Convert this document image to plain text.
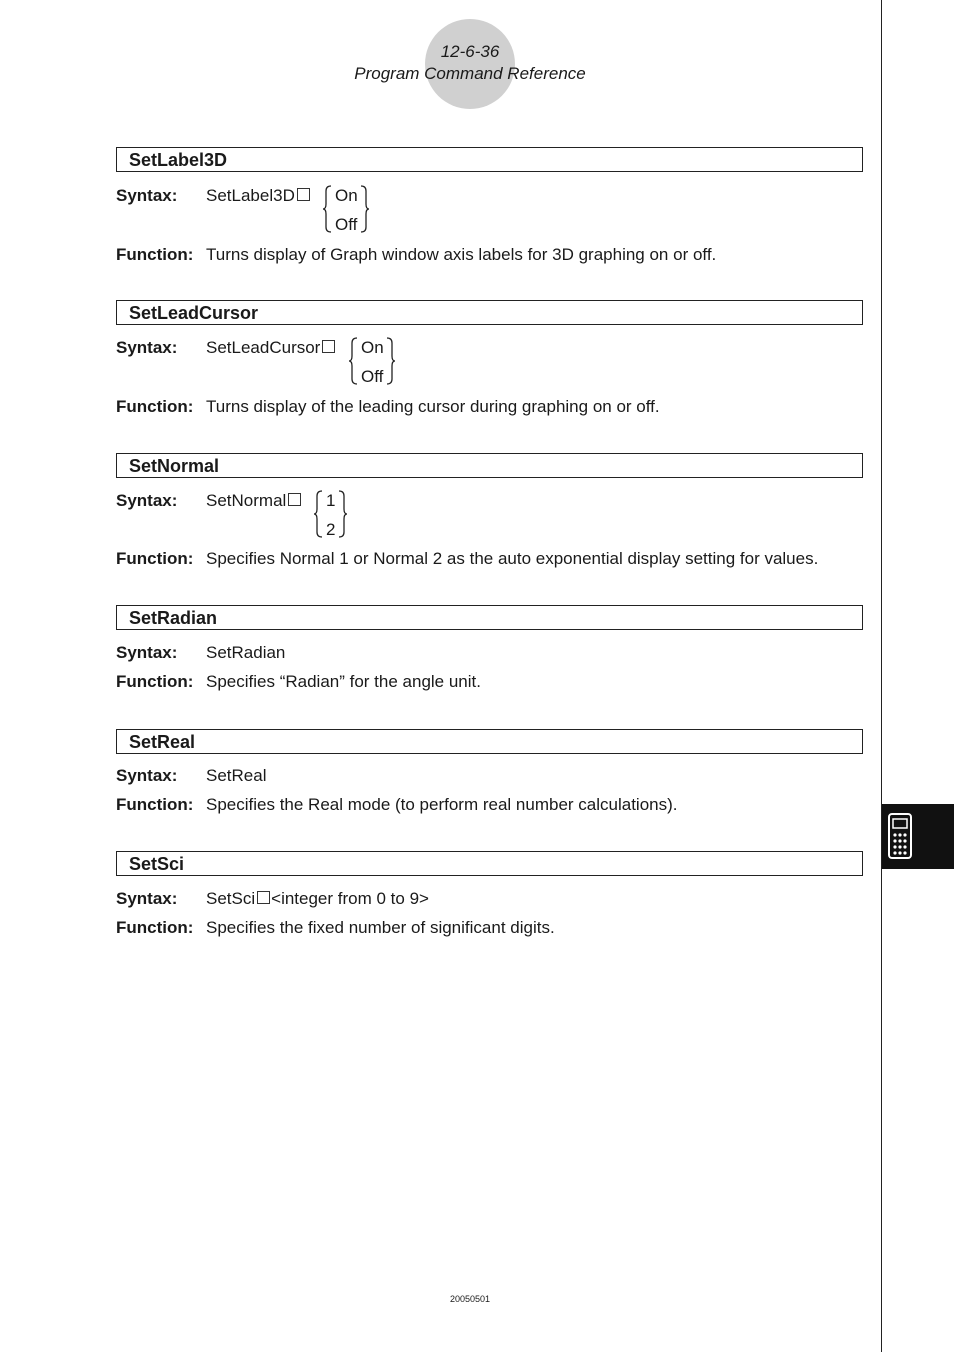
12-6-36
Program Command Reference
SetLabel3D
Syntax: SetLabel3D	On
Off
Function: Turns display of Graph window axis labels for 3D graphing on or off.
SetLeadCursor
Syntax: SetLeadCursor	On
Off
Function: Turns display of the leading cursor during graphing on or off.
SetNormal
Syntax: SetNormal	1
2
Function: Specifies Normal 1 or Normal 2 as the auto exponential display setting for values.
SetRadian
Syntax: SetRadian
Function: Specifies “Radian” for the angle unit.
SetReal
Syntax: SetReal
Function: Specifies the Real mode (to perform real number calculations).
SetSci
Syntax: SetSci <integer from 0 to 9>
Function: Specifies the fixed number of significant digits.
20050501
